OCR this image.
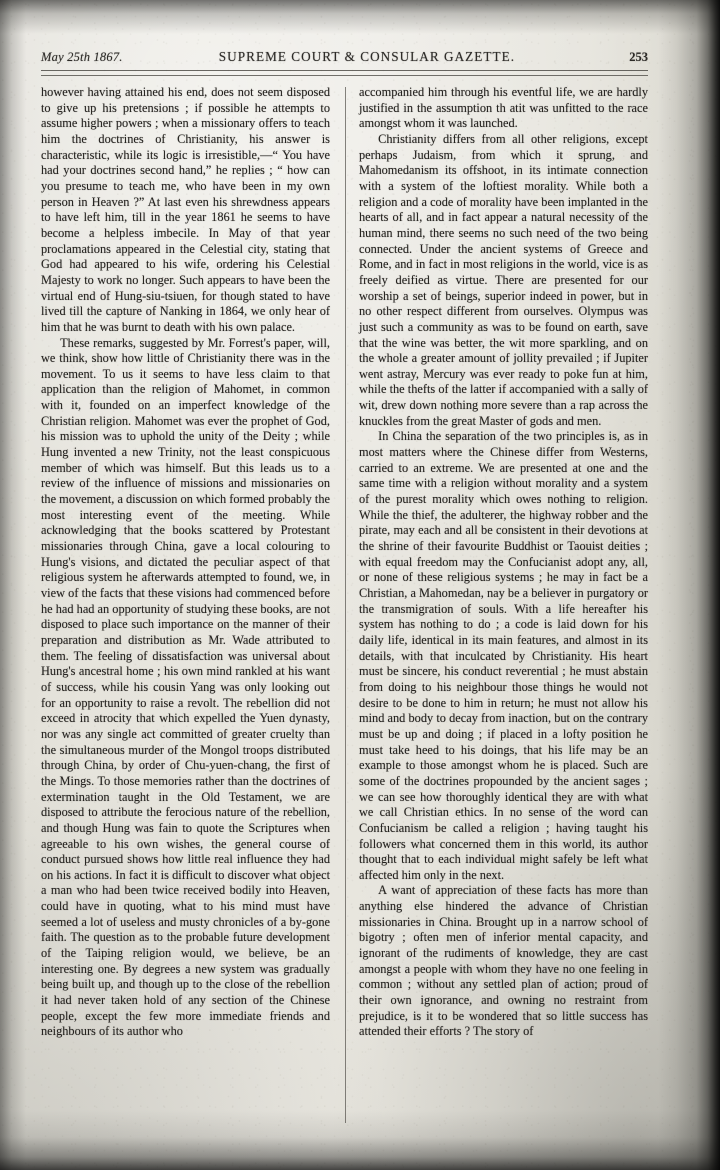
May 25th 1867.	SUPREME COURT & CONSULAR GAZETTE.	253

however having attained his end, does not seem disposed to give up his pretensions ; if possible he attempts to assume higher powers ; when a missionary offers to teach him the doctrines of Christianity, his answer is characteristic, while its logic is irresistible,—“ You have had your doctrines second hand,” he replies ; “ how can you presume to teach me, who have been in my own person in Heaven ?” At last even his shrewdness appears to have left him, till in the year 1861 he seems to have become a helpless imbecile. In May of that year proclamations appeared in the Celestial city, stating that God had appeared to his wife, ordering his Celestial Majesty to work no longer. Such appears to have been the virtual end of Hung-siu-tsiuen, for though stated to have lived till the capture of Nanking in 1864, we only hear of him that he was burnt to death with his own palace.

These remarks, suggested by Mr. Forrest's paper, will, we think, show how little of Christianity there was in the movement. To us it seems to have less claim to that application than the religion of Mahomet, in common with it, founded on an imperfect knowledge of the Christian religion. Mahomet was ever the prophet of God, his mission was to uphold the unity of the Deity ; while Hung invented a new Trinity, not the least conspicuous member of which was himself. But this leads us to a review of the influence of missions and missionaries on the movement, a discussion on which formed probably the most interesting event of the meeting. While acknowledging that the books scattered by Protestant missionaries through China, gave a local colouring to Hung's visions, and dictated the peculiar aspect of that religious system he afterwards attempted to found, we, in view of the facts that these visions had commenced before he had had an opportunity of studying these books, are not disposed to place such importance on the manner of their preparation and distribution as Mr. Wade attributed to them. The feeling of dissatisfaction was universal about Hung's ancestral home ; his own mind rankled at his want of success, while his cousin Yang was only looking out for an opportunity to raise a revolt. The rebellion did not exceed in atrocity that which expelled the Yuen dynasty, nor was any single act committed of greater cruelty than the simultaneous murder of the Mongol troops distributed through China, by order of Chu-yuen-chang, the first of the Mings. To those memories rather than the doctrines of extermination taught in the Old Testament, we are disposed to attribute the ferocious nature of the rebellion, and though Hung was fain to quote the Scriptures when agreeable to his own wishes, the general course of conduct pursued shows how little real influence they had on his actions. In fact it is difficult to discover what object a man who had been twice received bodily into Heaven, could have in quoting, what to his mind must have seemed a lot of useless and musty chronicles of a by-gone faith. The question as to the probable future development of the Taiping religion would, we believe, be an interesting one. By degrees a new system was gradually being built up, and though up to the close of the rebellion it had never taken hold of any section of the Chinese people, except the few more immediate friends and neighbours of its author who

accompanied him through his eventful life, we are hardly justified in the assumption th atit was unfitted to the race amongst whom it was launched.

Christianity differs from all other religions, except perhaps Judaism, from which it sprung, and Mahomedanism its offshoot, in its intimate connection with a system of the loftiest morality. While both a religion and a code of morality have been implanted in the hearts of all, and in fact appear a natural necessity of the human mind, there seems no such need of the two being connected. Under the ancient systems of Greece and Rome, and in fact in most religions in the world, vice is as freely deified as virtue. There are presented for our worship a set of beings, superior indeed in power, but in no other respect different from ourselves. Olympus was just such a community as was to be found on earth, save that the wine was better, the wit more sparkling, and on the whole a greater amount of jollity prevailed ; if Jupiter went astray, Mercury was ever ready to poke fun at him, while the thefts of the latter if accompanied with a sally of wit, drew down nothing more severe than a rap across the knuckles from the great Master of gods and men.

In China the separation of the two principles is, as in most matters where the Chinese differ from Westerns, carried to an extreme. We are presented at one and the same time with a religion without morality and a system of the purest morality which owes nothing to religion. While the thief, the adulterer, the highway robber and the pirate, may each and all be consistent in their devotions at the shrine of their favourite Buddhist or Taouist deities ; with equal freedom may the Confucianist adopt any, all, or none of these religious systems ; he may in fact be a Christian, a Mahomedan, nay be a believer in purgatory or the transmigration of souls. With a life hereafter his system has nothing to do ; a code is laid down for his daily life, identical in its main features, and almost in its details, with that inculcated by Christianity. His heart must be sincere, his conduct reverential ; he must abstain from doing to his neighbour those things he would not desire to be done to him in return; he must not allow his mind and body to decay from inaction, but on the contrary must be up and doing ; if placed in a lofty position he must take heed to his doings, that his life may be an example to those amongst whom he is placed. Such are some of the doctrines propounded by the ancient sages ; we can see how thoroughly identical they are with what we call Christian ethics. In no sense of the word can Confucianism be called a religion ; having taught his followers what concerned them in this world, its author thought that to each individual might safely be left what affected him only in the next.

A want of appreciation of these facts has more than anything else hindered the advance of Christian missionaries in China. Brought up in a narrow school of bigotry ; often men of inferior mental capacity, and ignorant of the rudiments of knowledge, they are cast amongst a people with whom they have no one feeling in common ; without any settled plan of action; proud of their own ignorance, and owning no restraint from prejudice, is it to be wondered that so little success has attended their efforts ? The story of
